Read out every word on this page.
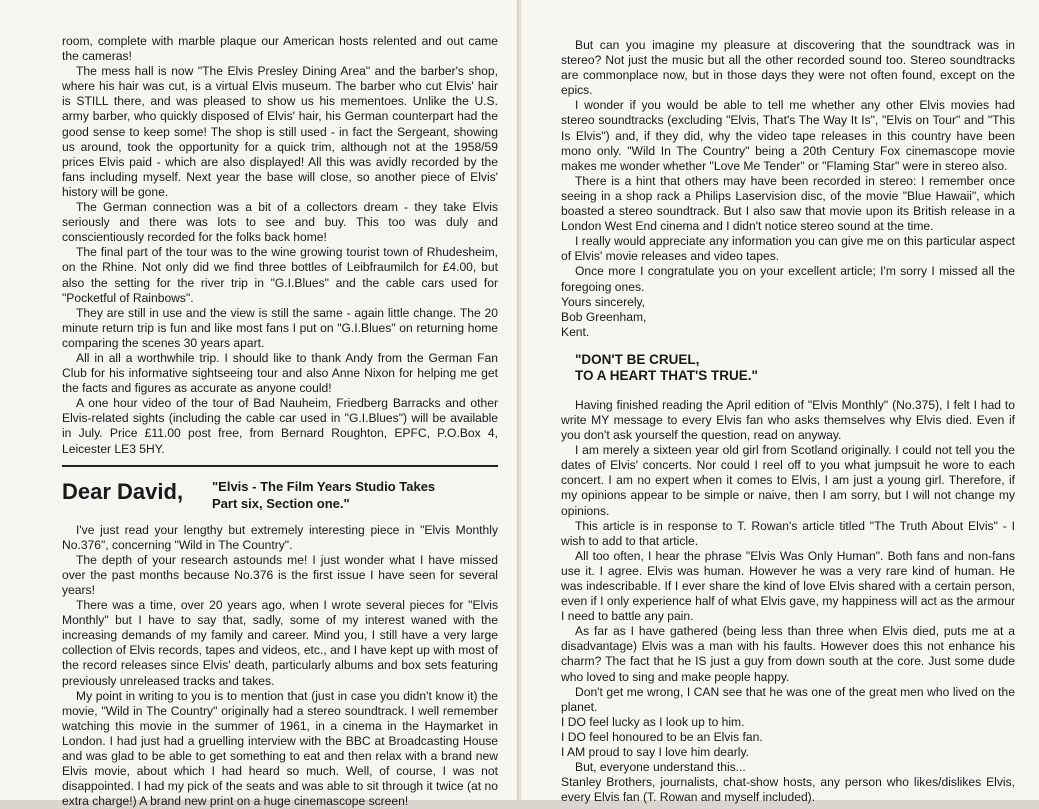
room, complete with marble plaque our American hosts relented and out came the cameras!

The mess hall is now "The Elvis Presley Dining Area" and the barber's shop, where his hair was cut, is a virtual Elvis museum. The barber who cut Elvis' hair is STILL there, and was pleased to show us his mementoes. Unlike the U.S. army barber, who quickly disposed of Elvis' hair, his German counterpart had the good sense to keep some! The shop is still used - in fact the Sergeant, showing us around, took the opportunity for a quick trim, although not at the 1958/59 prices Elvis paid - which are also displayed! All this was avidly recorded by the fans including myself. Next year the base will close, so another piece of Elvis' history will be gone.

The German connection was a bit of a collectors dream - they take Elvis seriously and there was lots to see and buy. This too was duly and conscientiously recorded for the folks back home!

The final part of the tour was to the wine growing tourist town of Rhudesheim, on the Rhine. Not only did we find three bottles of Leibfraumilch for £4.00, but also the setting for the river trip in "G.I.Blues" and the cable cars used for "Pocketful of Rainbows".

They are still in use and the view is still the same - again little change. The 20 minute return trip is fun and like most fans I put on "G.I.Blues" on returning home comparing the scenes 30 years apart.

All in all a worthwhile trip. I should like to thank Andy from the German Fan Club for his informative sightseeing tour and also Anne Nixon for helping me get the facts and figures as accurate as anyone could!

A one hour video of the tour of Bad Nauheim, Friedberg Barracks and other Elvis-related sights (including the cable car used in "G.I.Blues") will be available in July. Price £11.00 post free, from Bernard Roughton, EPFC, P.O.Box 4, Leicester LE3 5HY.

Dear David,	"Elvis - The Film Years Studio Takes
Part six, Section one."

I've just read your lengthy but extremely interesting piece in "Elvis Monthly No.376", concerning "Wild in The Country".

The depth of your research astounds me! I just wonder what I have missed over the past months because No.376 is the first issue I have seen for several years!

There was a time, over 20 years ago, when I wrote several pieces for "Elvis Monthly" but I have to say that, sadly, some of my interest waned with the increasing demands of my family and career. Mind you, I still have a very large collection of Elvis records, tapes and videos, etc., and I have kept up with most of the record releases since Elvis' death, particularly albums and box sets featuring previously unreleased tracks and takes.

My point in writing to you is to mention that (just in case you didn't know it) the movie, "Wild in The Country" originally had a stereo soundtrack. I well remember watching this movie in the summer of 1961, in a cinema in the Haymarket in London. I had just had a gruelling interview with the BBC at Broadcasting House and was glad to be able to get something to eat and then relax with a brand new Elvis movie, about which I had heard so much. Well, of course, I was not disappointed. I had my pick of the seats and was able to sit through it twice (at no extra charge!) A brand new print on a huge cinemascope screen!

But can you imagine my pleasure at discovering that the soundtrack was in stereo? Not just the music but all the other recorded sound too. Stereo soundtracks are commonplace now, but in those days they were not often found, except on the epics.

I wonder if you would be able to tell me whether any other Elvis movies had stereo soundtracks (excluding "Elvis, That's The Way It Is", "Elvis on Tour" and "This Is Elvis") and, if they did, why the video tape releases in this country have been mono only. "Wild In The Country" being a 20th Century Fox cinemascope movie makes me wonder whether "Love Me Tender" or "Flaming Star" were in stereo also.

There is a hint that others may have been recorded in stereo: I remember once seeing in a shop rack a Philips Laservision disc, of the movie "Blue Hawaii", which boasted a stereo soundtrack. But I also saw that movie upon its British release in a London West End cinema and I didn't notice stereo sound at the time.

I really would appreciate any information you can give me on this particular aspect of Elvis' movie releases and video tapes.

Once more I congratulate you on your excellent article; I'm sorry I missed all the foregoing ones.

Yours sincerely,

Bob Greenham,

Kent.

"DON'T BE CRUEL,
TO A HEART THAT'S TRUE."

Having finished reading the April edition of "Elvis Monthly" (No.375), I felt I had to write MY message to every Elvis fan who asks themselves why Elvis died. Even if you don't ask yourself the question, read on anyway.

I am merely a sixteen year old girl from Scotland originally. I could not tell you the dates of Elvis' concerts. Nor could I reel off to you what jumpsuit he wore to each concert. I am no expert when it comes to Elvis, I am just a young girl. Therefore, if my opinions appear to be simple or naive, then I am sorry, but I will not change my opinions.

This article is in response to T. Rowan's article titled "The Truth About Elvis" - I wish to add to that article.

All too often, I hear the phrase "Elvis Was Only Human". Both fans and non-fans use it. I agree. Elvis was human. However he was a very rare kind of human. He was indescribable. If I ever share the kind of love Elvis shared with a certain person, even if I only experience half of what Elvis gave, my happiness will act as the armour I need to battle any pain.

As far as I have gathered (being less than three when Elvis died, puts me at a disadvantage) Elvis was a man with his faults. However does this not enhance his charm? The fact that he IS just a guy from down south at the core. Just some dude who loved to sing and make people happy.

Don't get me wrong, I CAN see that he was one of the great men who lived on the planet.

I DO feel lucky as I look up to him.

I DO feel honoured to be an Elvis fan.

I AM proud to say I love him dearly.

But, everyone understand this...

Stanley Brothers, journalists, chat-show hosts, any person who likes/dislikes Elvis, every Elvis fan (T. Rowan and myself included).
